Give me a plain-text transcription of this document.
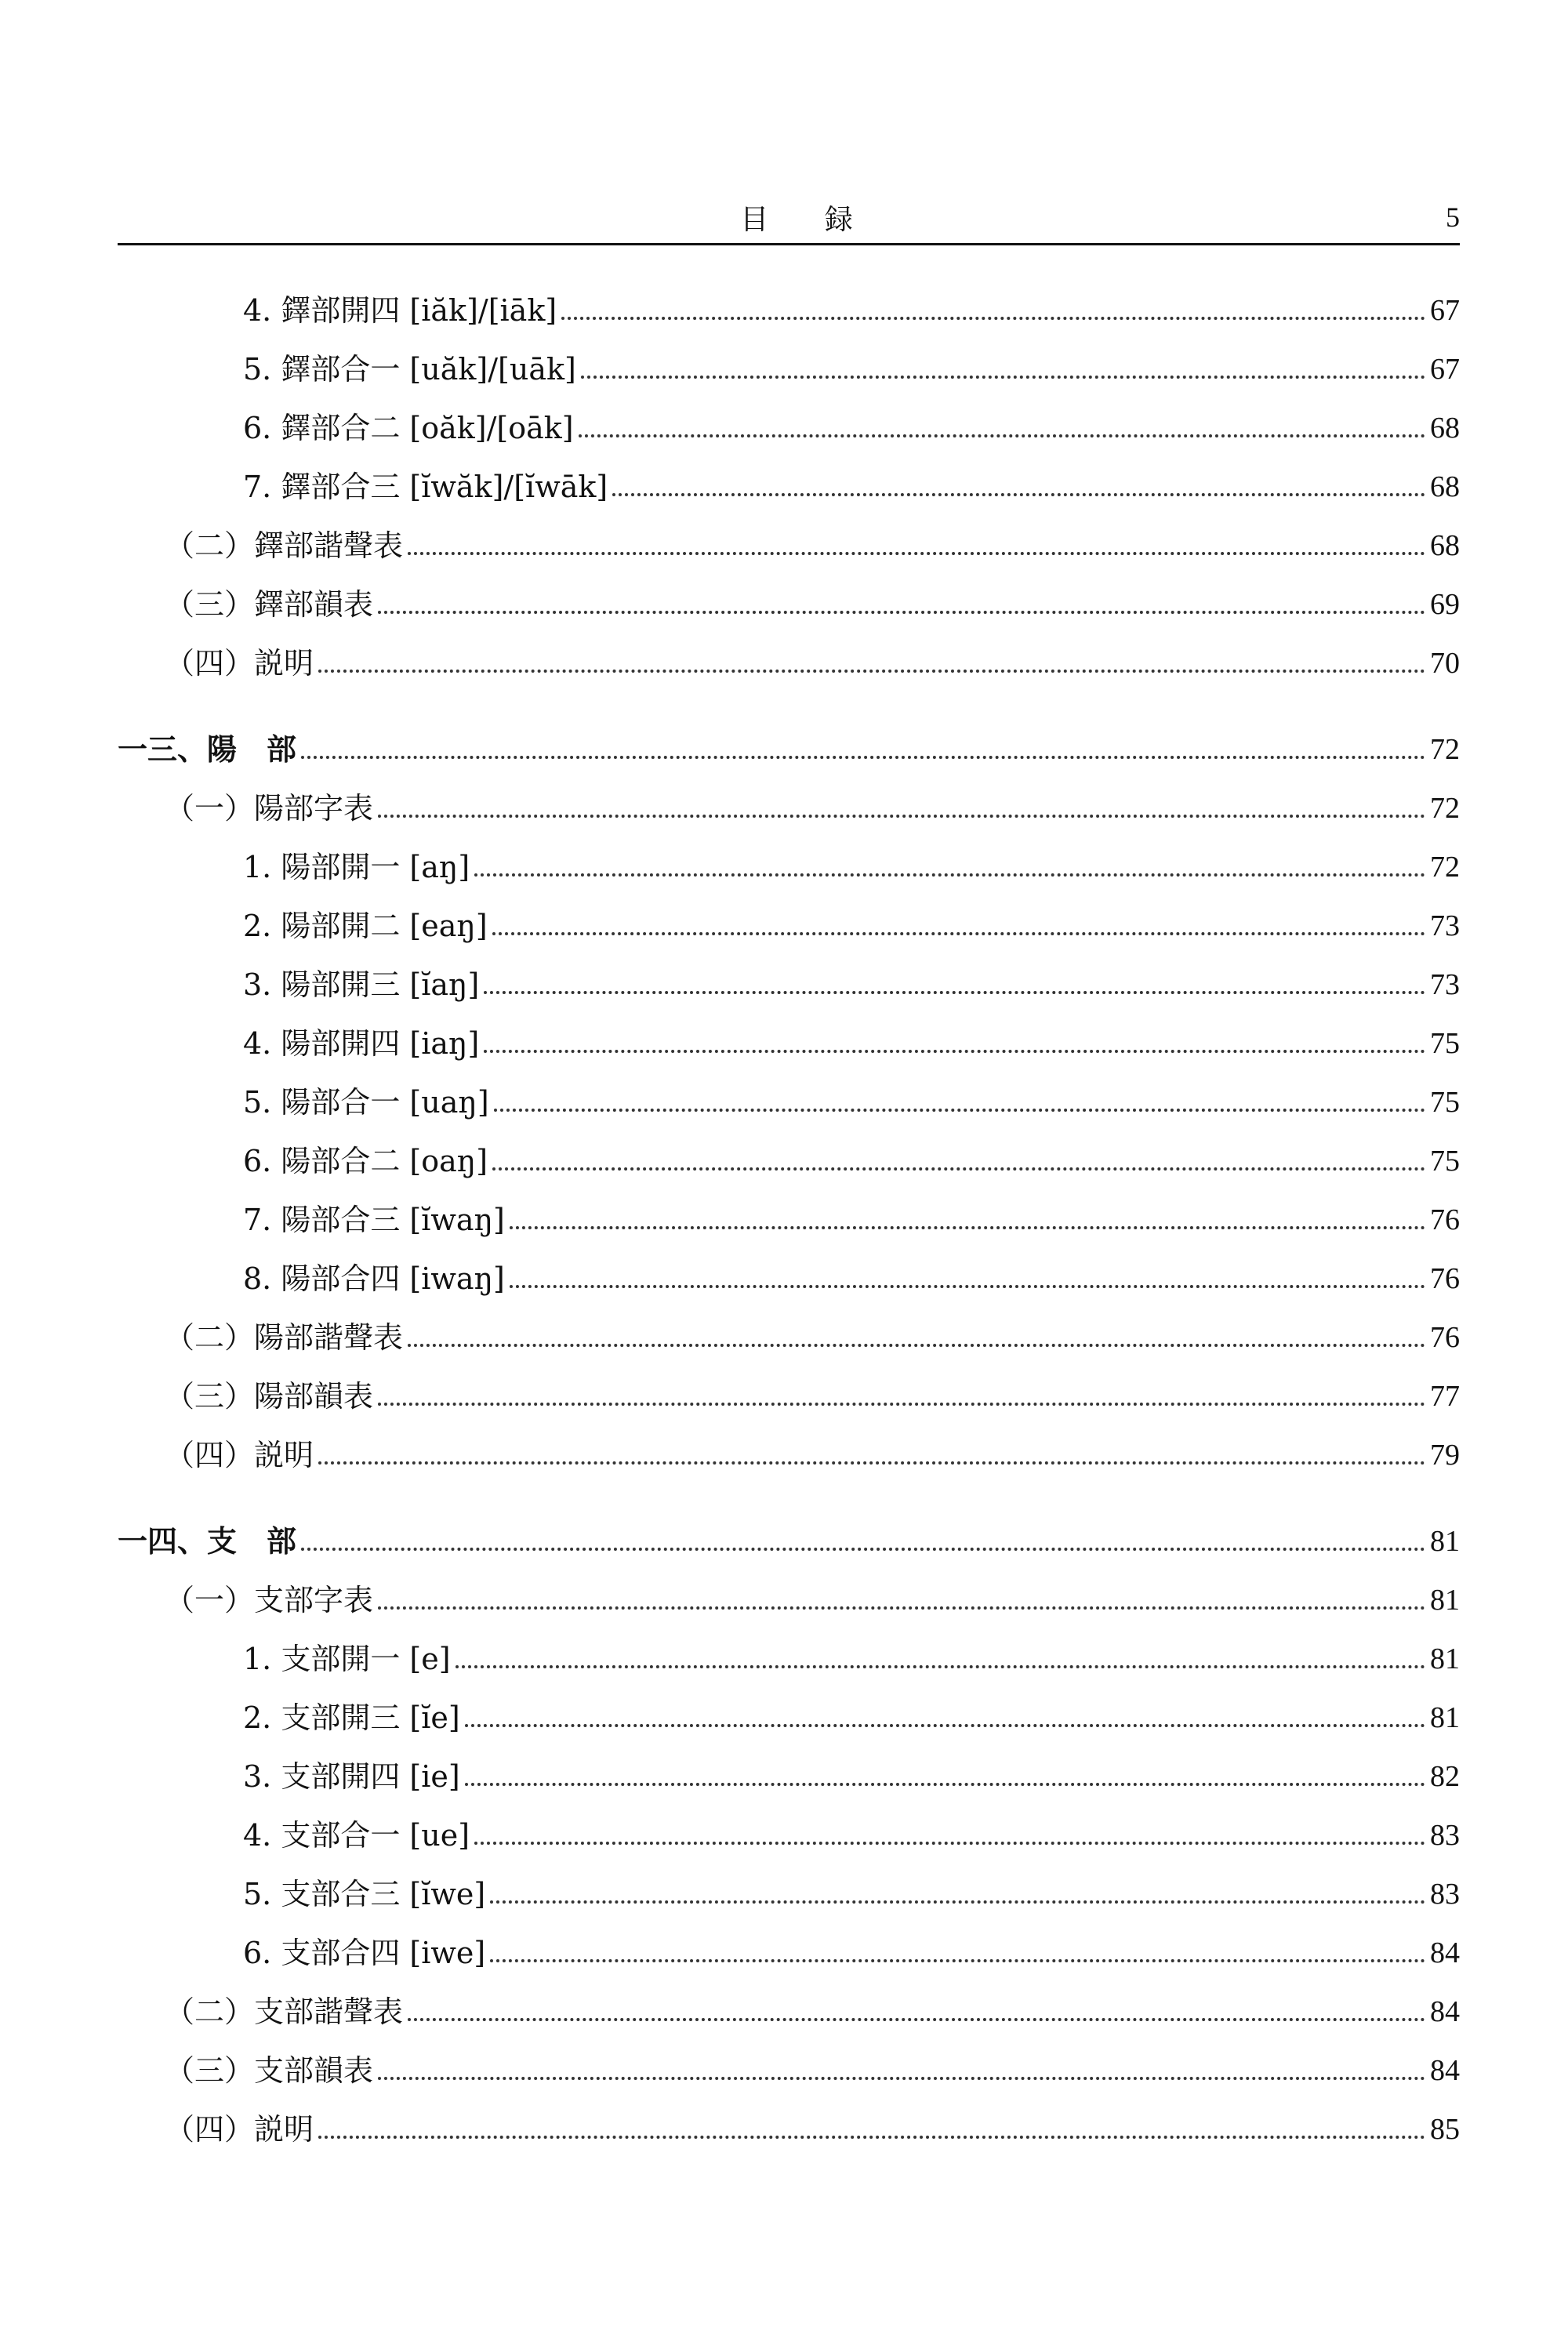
目 録	5
4. 鐸部開四 [iăk]/[iāk]	67
5. 鐸部合一 [uăk]/[uāk]	67
6. 鐸部合二 [oăk]/[oāk]	68
7. 鐸部合三 [ĭwăk]/[ĭwāk]	68
（二）鐸部諧聲表	68
（三）鐸部韻表	69
（四）説明	70
一三、陽　部	72
（一）陽部字表	72
1. 陽部開一 [aŋ]	72
2. 陽部開二 [eaŋ]	73
3. 陽部開三 [ĭaŋ]	73
4. 陽部開四 [iaŋ]	75
5. 陽部合一 [uaŋ]	75
6. 陽部合二 [oaŋ]	75
7. 陽部合三 [ĭwaŋ]	76
8. 陽部合四 [iwaŋ]	76
（二）陽部諧聲表	76
（三）陽部韻表	77
（四）説明	79
一四、支　部	81
（一）支部字表	81
1. 支部開一 [e]	81
2. 支部開三 [ĭe]	81
3. 支部開四 [ie]	82
4. 支部合一 [ue]	83
5. 支部合三 [ĭwe]	83
6. 支部合四 [iwe]	84
（二）支部諧聲表	84
（三）支部韻表	84
（四）説明	85
